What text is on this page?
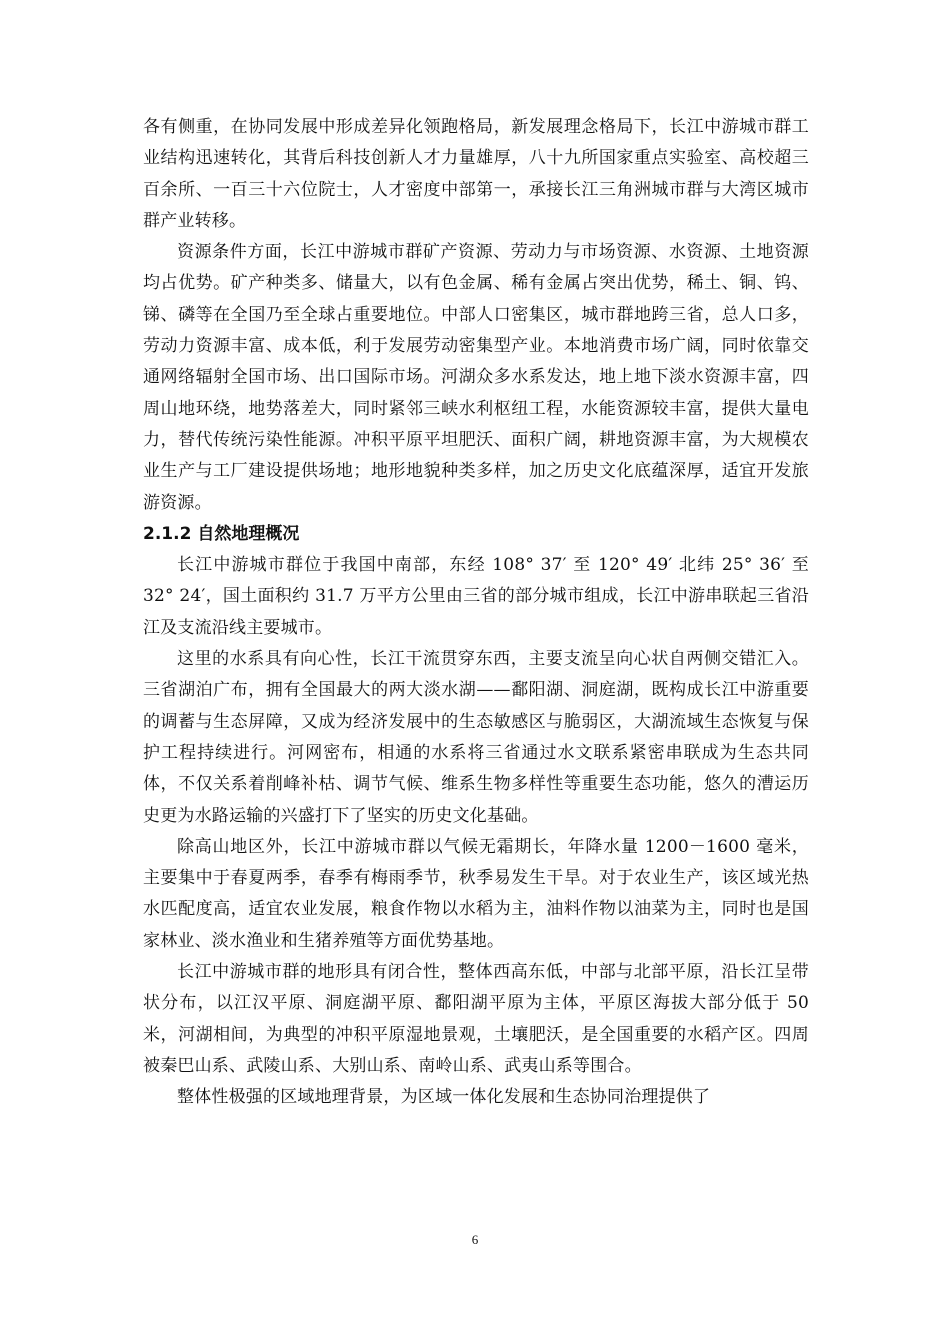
各有侧重，在协同发展中形成差异化领跑格局，新发展理念格局下，长江中游城市群工业结构迅速转化，其背后科技创新人才力量雄厚，八十九所国家重点实验室、高校超三百余所、一百三十六位院士，人才密度中部第一，承接长江三角洲城市群与大湾区城市群产业转移。

资源条件方面，长江中游城市群矿产资源、劳动力与市场资源、水资源、土地资源均占优势。矿产种类多、储量大，以有色金属、稀有金属占突出优势，稀土、铜、钨、锑、磷等在全国乃至全球占重要地位。中部人口密集区，城市群地跨三省，总人口多，劳动力资源丰富、成本低，利于发展劳动密集型产业。本地消费市场广阔，同时依靠交通网络辐射全国市场、出口国际市场。河湖众多水系发达，地上地下淡水资源丰富，四周山地环绕，地势落差大，同时紧邻三峡水利枢纽工程，水能资源较丰富，提供大量电力，替代传统污染性能源。冲积平原平坦肥沃、面积广阔，耕地资源丰富，为大规模农业生产与工厂建设提供场地；地形地貌种类多样，加之历史文化底蕴深厚，适宜开发旅游资源。

2.1.2 自然地理概况

长江中游城市群位于我国中南部，东经 108° 37′ 至 120° 49′ 北纬 25° 36′ 至 32° 24′，国土面积约 31.7 万平方公里由三省的部分城市组成，长江中游串联起三省沿江及支流沿线主要城市。

这里的水系具有向心性，长江干流贯穿东西，主要支流呈向心状自两侧交错汇入。三省湖泊广布，拥有全国最大的两大淡水湖——鄱阳湖、洞庭湖，既构成长江中游重要的调蓄与生态屏障，又成为经济发展中的生态敏感区与脆弱区，大湖流域生态恢复与保护工程持续进行。河网密布，相通的水系将三省通过水文联系紧密串联成为生态共同体，不仅关系着削峰补枯、调节气候、维系生物多样性等重要生态功能，悠久的漕运历史更为水路运输的兴盛打下了坚实的历史文化基础。

除高山地区外，长江中游城市群以气候无霜期长，年降水量 1200－1600 毫米，主要集中于春夏两季，春季有梅雨季节，秋季易发生干旱。对于农业生产，该区域光热水匹配度高，适宜农业发展，粮食作物以水稻为主，油料作物以油菜为主，同时也是国家林业、淡水渔业和生猪养殖等方面优势基地。

长江中游城市群的地形具有闭合性，整体西高东低，中部与北部平原，沿长江呈带状分布，以江汉平原、洞庭湖平原、鄱阳湖平原为主体，平原区海拔大部分低于 50 米，河湖相间，为典型的冲积平原湿地景观，土壤肥沃，是全国重要的水稻产区。四周被秦巴山系、武陵山系、大别山系、南岭山系、武夷山系等围合。

整体性极强的区域地理背景，为区域一体化发展和生态协同治理提供了

6
